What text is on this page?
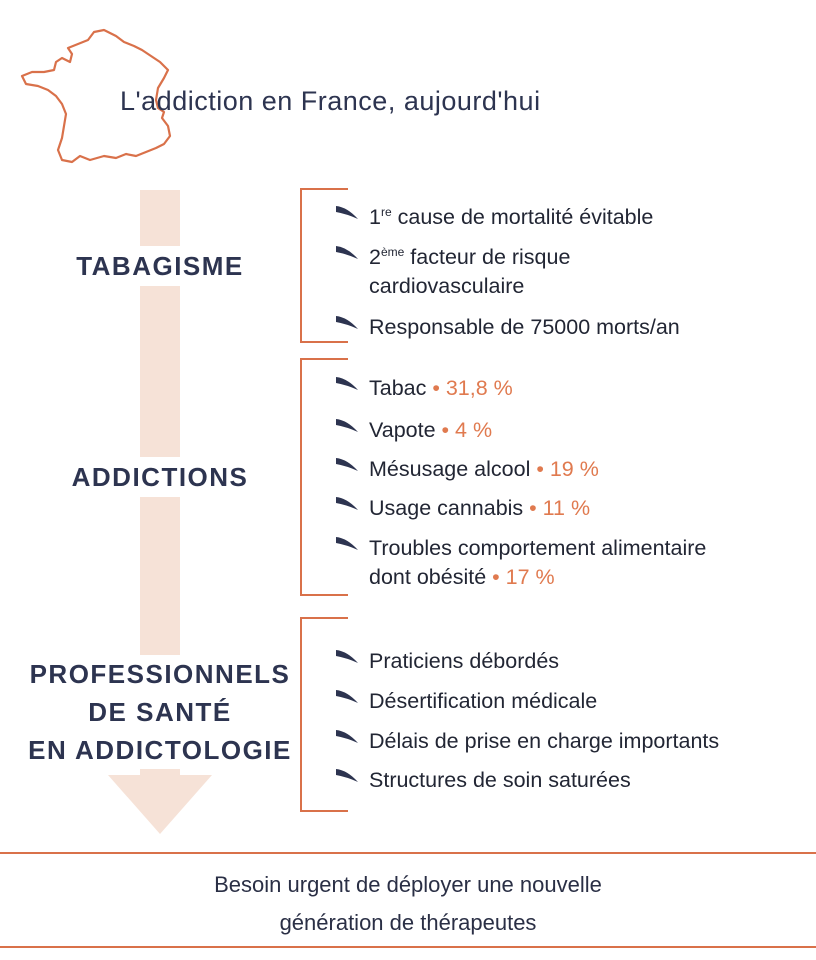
L'addiction en France, aujourd'hui
TABAGISME
ADDICTIONS
PROFESSIONNELS
DE SANTÉ
EN ADDICTOLOGIE
1re cause de mortalité évitable
2ème facteur de risque
cardiovasculaire
Responsable de 75000 morts/an
Tabac • 31,8 %
Vapote • 4 %
Mésusage alcool • 19 %
Usage cannabis • 11 %
Troubles comportement alimentaire
dont obésité • 17 %
Praticiens débordés
Désertification médicale
Délais de prise en charge importants
Structures de soin saturées
Besoin urgent de déployer une nouvelle
génération de thérapeutes
